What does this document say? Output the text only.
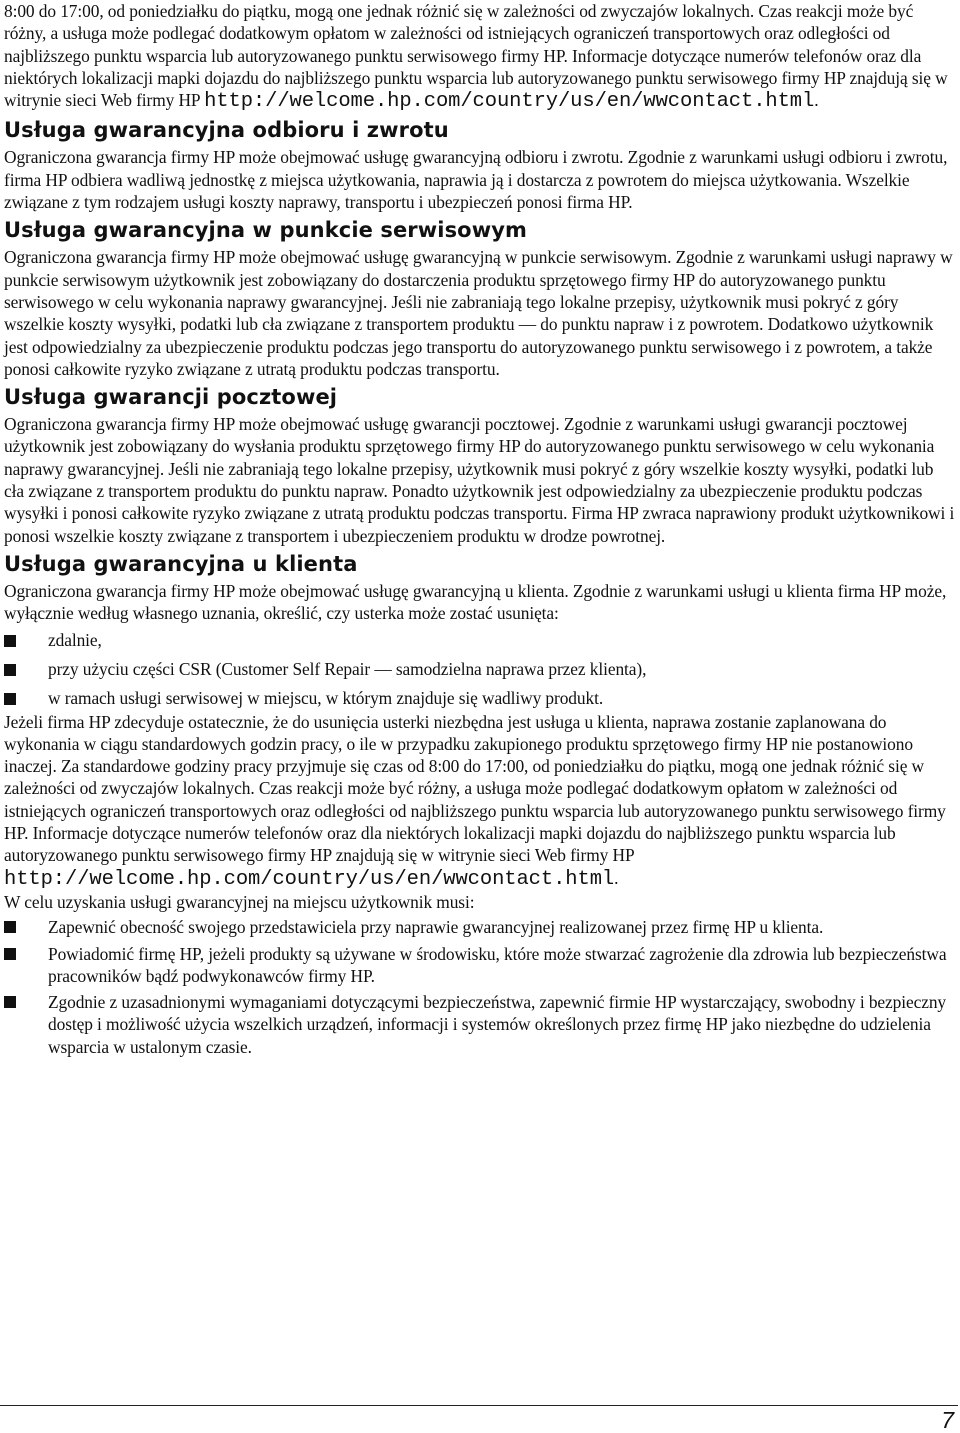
8:00 do 17:00, od poniedziałku do piątku, mogą one jednak różnić się w zależności od zwyczajów lokalnych. Czas reakcji może być różny, a usługa może podlegać dodatkowym opłatom w zależności od istniejących ograniczeń transportowych oraz odległości od najbliższego punktu wsparcia lub autoryzowanego punktu serwisowego firmy HP. Informacje dotyczące numerów telefonów oraz dla niektórych lokalizacji mapki dojazdu do najbliższego punktu wsparcia lub autoryzowanego punktu serwisowego firmy HP znajdują się w witrynie sieci Web firmy HP http://welcome.hp.com/country/us/en/wwcontact.html.

Usługa gwarancyjna odbioru i zwrotu

Ograniczona gwarancja firmy HP może obejmować usługę gwarancyjną odbioru i zwrotu. Zgodnie z warunkami usługi odbioru i zwrotu, firma HP odbiera wadliwą jednostkę z miejsca użytkowania, naprawia ją i dostarcza z powrotem do miejsca użytkowania. Wszelkie związane z tym rodzajem usługi koszty naprawy, transportu i ubezpieczeń ponosi firma HP.

Usługa gwarancyjna w punkcie serwisowym

Ograniczona gwarancja firmy HP może obejmować usługę gwarancyjną w punkcie serwisowym. Zgodnie z warunkami usługi naprawy w punkcie serwisowym użytkownik jest zobowiązany do dostarczenia produktu sprzętowego firmy HP do autoryzowanego punktu serwisowego w celu wykonania naprawy gwarancyjnej. Jeśli nie zabraniają tego lokalne przepisy, użytkownik musi pokryć z góry wszelkie koszty wysyłki, podatki lub cła związane z transportem produktu — do punktu napraw i z powrotem. Dodatkowo użytkownik jest odpowiedzialny za ubezpieczenie produktu podczas jego transportu do autoryzowanego punktu serwisowego i z powrotem, a także ponosi całkowite ryzyko związane z utratą produktu podczas transportu.

Usługa gwarancji pocztowej

Ograniczona gwarancja firmy HP może obejmować usługę gwarancji pocztowej. Zgodnie z warunkami usługi gwarancji pocztowej użytkownik jest zobowiązany do wysłania produktu sprzętowego firmy HP do autoryzowanego punktu serwisowego w celu wykonania naprawy gwarancyjnej. Jeśli nie zabraniają tego lokalne przepisy, użytkownik musi pokryć z góry wszelkie koszty wysyłki, podatki lub cła związane z transportem produktu do punktu napraw. Ponadto użytkownik jest odpowiedzialny za ubezpieczenie produktu podczas wysyłki i ponosi całkowite ryzyko związane z utratą produktu podczas transportu. Firma HP zwraca naprawiony produkt użytkownikowi i ponosi wszelkie koszty związane z transportem i ubezpieczeniem produktu w drodze powrotnej.

Usługa gwarancyjna u klienta

Ograniczona gwarancja firmy HP może obejmować usługę gwarancyjną u klienta. Zgodnie z warunkami usługi u klienta firma HP może, wyłącznie według własnego uznania, określić, czy usterka może zostać usunięta:

zdalnie,
przy użyciu części CSR (Customer Self Repair — samodzielna naprawa przez klienta),
w ramach usługi serwisowej w miejscu, w którym znajduje się wadliwy produkt.

Jeżeli firma HP zdecyduje ostatecznie, że do usunięcia usterki niezbędna jest usługa u klienta, naprawa zostanie zaplanowana do wykonania w ciągu standardowych godzin pracy, o ile w przypadku zakupionego produktu sprzętowego firmy HP nie postanowiono inaczej. Za standardowe godziny pracy przyjmuje się czas od 8:00 do 17:00, od poniedziałku do piątku, mogą one jednak różnić się w zależności od zwyczajów lokalnych. Czas reakcji może być różny, a usługa może podlegać dodatkowym opłatom w zależności od istniejących ograniczeń transportowych oraz odległości od najbliższego punktu wsparcia lub autoryzowanego punktu serwisowego firmy HP. Informacje dotyczące numerów telefonów oraz dla niektórych lokalizacji mapki dojazdu do najbliższego punktu wsparcia lub autoryzowanego punktu serwisowego firmy HP znajdują się w witrynie sieci Web firmy HP http://welcome.hp.com/country/us/en/wwcontact.html.

W celu uzyskania usługi gwarancyjnej na miejscu użytkownik musi:

Zapewnić obecność swojego przedstawiciela przy naprawie gwarancyjnej realizowanej przez firmę HP u klienta.
Powiadomić firmę HP, jeżeli produkty są używane w środowisku, które może stwarzać zagrożenie dla zdrowia lub bezpieczeństwa pracowników bądź podwykonawców firmy HP.
Zgodnie z uzasadnionymi wymaganiami dotyczącymi bezpieczeństwa, zapewnić firmie HP wystarczający, swobodny i bezpieczny dostęp i możliwość użycia wszelkich urządzeń, informacji i systemów określonych przez firmę HP jako niezbędne do udzielenia wsparcia w ustalonym czasie.
7
